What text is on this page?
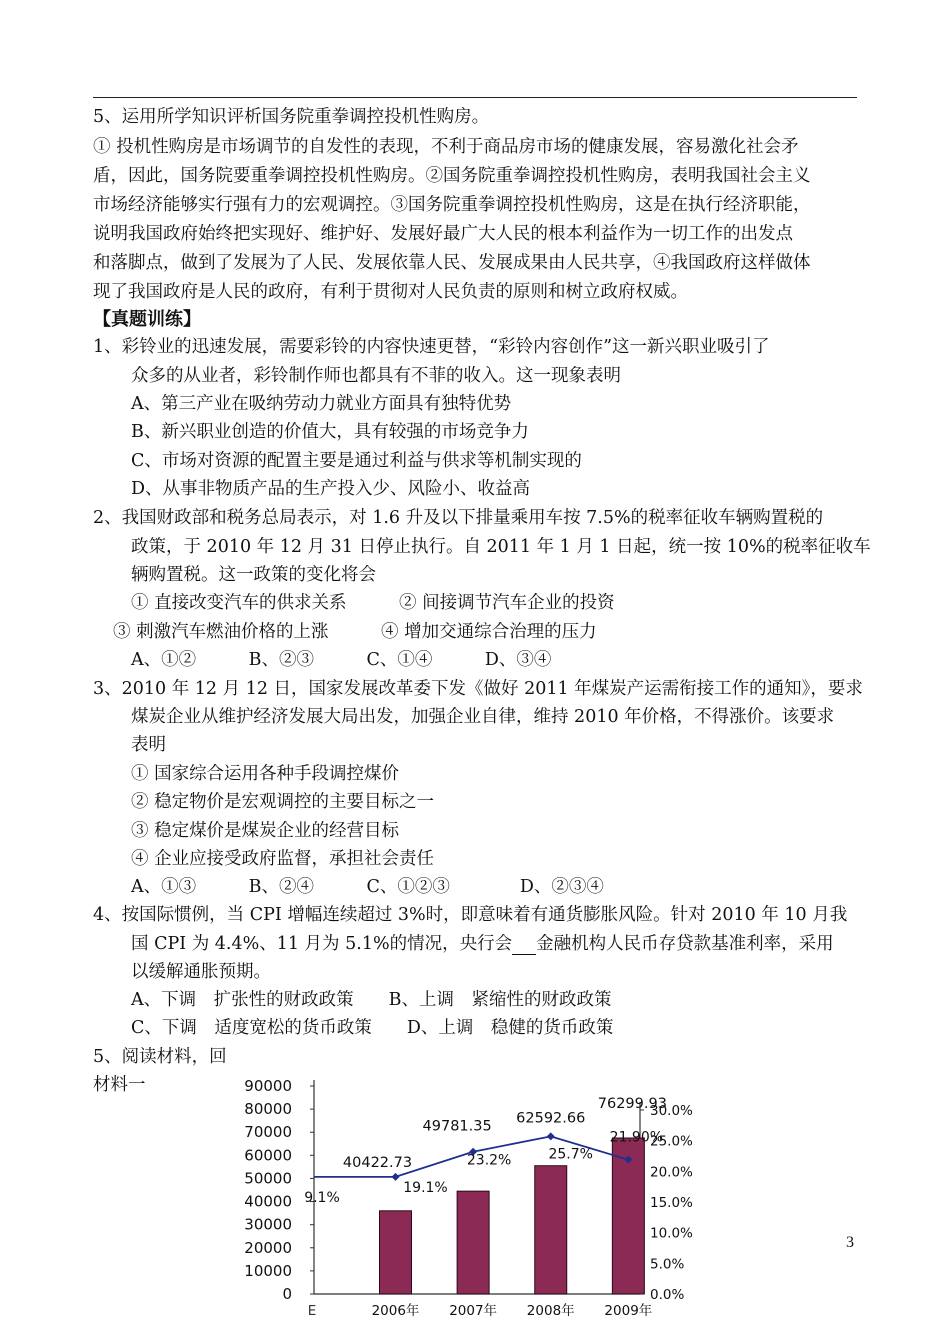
5、运用所学知识评析国务院重拳调控投机性购房。
① 投机性购房是市场调节的自发性的表现，不利于商品房市场的健康发展，容易激化社会矛
盾，因此，国务院要重拳调控投机性购房。②国务院重拳调控投机性购房，表明我国社会主义
市场经济能够实行强有力的宏观调控。③国务院重拳调控投机性购房，这是在执行经济职能，
说明我国政府始终把实现好、维护好、发展好最广大人民的根本利益作为一切工作的出发点
和落脚点，做到了发展为了人民、发展依靠人民、发展成果由人民共享，④我国政府这样做体
现了我国政府是人民的政府，有利于贯彻对人民负责的原则和树立政府权威。
【真题训练】
1、彩铃业的迅速发展，需要彩铃的内容快速更替，“彩铃内容创作”这一新兴职业吸引了
众多的从业者，彩铃制作师也都具有不菲的收入。这一现象表明
A、第三产业在吸纳劳动力就业方面具有独特优势
B、新兴职业创造的价值大，具有较强的市场竞争力
C、市场对资源的配置主要是通过利益与供求等机制实现的
D、从事非物质产品的生产投入少、风险小、收益高
2、我国财政部和税务总局表示，对 1.6 升及以下排量乘用车按 7.5%的税率征收车辆购置税的
政策，于 2010 年 12 月 31 日停止执行。自 2011 年 1 月 1 日起，统一按 10%的税率征收车
辆购置税。这一政策的变化将会
① 直接改变汽车的供求关系　　　② 间接调节汽车企业的投资
③ 刺激汽车燃油价格的上涨　　　④ 增加交通综合治理的压力
A、①②　　　B、②③　　　C、①④　　　D、③④
3、2010 年 12 月 12 日，国家发展改革委下发《做好 2011 年煤炭产运需衔接工作的通知》，要求
煤炭企业从维护经济发展大局出发，加强企业自律，维持 2010 年价格，不得涨价。该要求
表明
① 国家综合运用各种手段调控煤价
② 稳定物价是宏观调控的主要目标之一
③ 稳定煤价是煤炭企业的经营目标
④ 企业应接受政府监督，承担社会责任
A、①③　　　B、②④　　　C、①②③　　　　D、②③④
4、按国际惯例，当 CPI 增幅连续超过 3%时，即意味着有通货膨胀风险。针对 2010 年 10 月我
国 CPI 为 4.4%、11 月为 5.1%的情况，央行会 金融机构人民币存贷款基准利率，采用
以缓解通胀预期。
A、下调　扩张性的财政政策　　B、上调　紧缩性的财政政策
C、下调　适度宽松的货币政策　　D、上调　稳健的货币政策
5、阅读材料，回
材料一
3
0
10000
20000
30000
40000
50000
60000
70000
80000
90000
0.0%
5.0%
10.0%
15.0%
20.0%
25.0%
30.0%
E	2006年 2007年 2008年 2009年
40422.73
49781.35
62592.66
76299.93
9.1%
19.1%
23.2%	25.7%
21.90%
